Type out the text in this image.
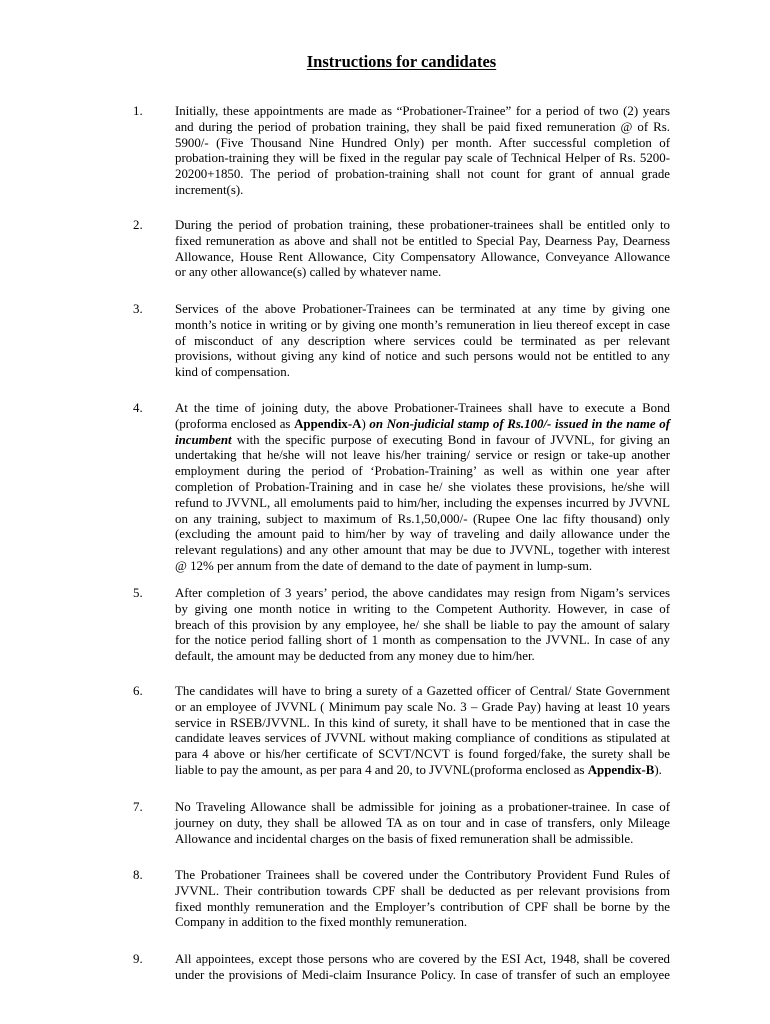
Instructions for candidates
1.	Initially, these appointments are made as “Probationer-Trainee” for a period of two (2) years
and during the period of probation training, they shall be paid fixed remuneration @ of Rs.
5900/- (Five Thousand Nine Hundred Only) per month. After successful completion of
probation-training they will be fixed in the regular pay scale of Technical Helper of Rs. 5200-
20200+1850. The period of probation-training shall not count for grant of annual grade
increment(s).
2.	During the period of probation training, these probationer-trainees shall be entitled only to
fixed remuneration as above and shall not be entitled to Special Pay, Dearness Pay, Dearness
Allowance, House Rent Allowance, City Compensatory Allowance, Conveyance Allowance
or any other allowance(s) called by whatever name.
3.	Services of the above Probationer-Trainees can be terminated at any time by giving one
month’s notice in writing or by giving one month’s remuneration in lieu thereof except in case
of misconduct of any description where services could be terminated as per relevant
provisions, without giving any kind of notice and such persons would not be entitled to any
kind of compensation.
4.	At the time of joining duty, the above Probationer-Trainees shall have to execute a Bond
(proforma enclosed as Appendix-A) on Non-judicial stamp of Rs.100/- issued in the name of
incumbent with the specific purpose of executing Bond in favour of JVVNL, for giving an
undertaking that he/she will not leave his/her training/ service or resign or take-up another
employment during the period of ‘Probation-Training’ as well as within one year after
completion of Probation-Training and in case he/ she violates these provisions, he/she will
refund to JVVNL, all emoluments paid to him/her, including the expenses incurred by JVVNL
on any training, subject to maximum of Rs.1,50,000/- (Rupee One lac fifty thousand) only
(excluding the amount paid to him/her by way of traveling and daily allowance under the
relevant regulations) and any other amount that may be due to JVVNL, together with interest
@ 12% per annum from the date of demand to the date of payment in lump-sum.
5.	After completion of 3 years’ period, the above candidates may resign from Nigam’s services
by giving one month notice in writing to the Competent Authority. However, in case of
breach of this provision by any employee, he/ she shall be liable to pay the amount of salary
for the notice period falling short of 1 month as compensation to the JVVNL. In case of any
default, the amount may be deducted from any money due to him/her.
6.	The candidates will have to bring a surety of a Gazetted officer of Central/ State Government
or an employee of JVVNL ( Minimum pay scale No. 3 – Grade Pay) having at least 10 years
service in RSEB/JVVNL. In this kind of surety, it shall have to be mentioned that in case the
candidate leaves services of JVVNL without making compliance of conditions as stipulated at
para 4 above or his/her certificate of SCVT/NCVT is found forged/fake, the surety shall be
liable to pay the amount, as per para 4 and 20, to JVVNL(proforma enclosed as Appendix-B).
7.	No Traveling Allowance shall be admissible for joining as a probationer-trainee. In case of
journey on duty, they shall be allowed TA as on tour and in case of transfers, only Mileage
Allowance and incidental charges on the basis of fixed remuneration shall be admissible.
8.	The Probationer Trainees shall be covered under the Contributory Provident Fund Rules of
JVVNL. Their contribution towards CPF shall be deducted as per relevant provisions from
fixed monthly remuneration and the Employer’s contribution of CPF shall be borne by the
Company in addition to the fixed monthly remuneration.
9.	All appointees, except those persons who are covered by the ESI Act, 1948, shall be covered
under the provisions of Medi-claim Insurance Policy. In case of transfer of such an employee
